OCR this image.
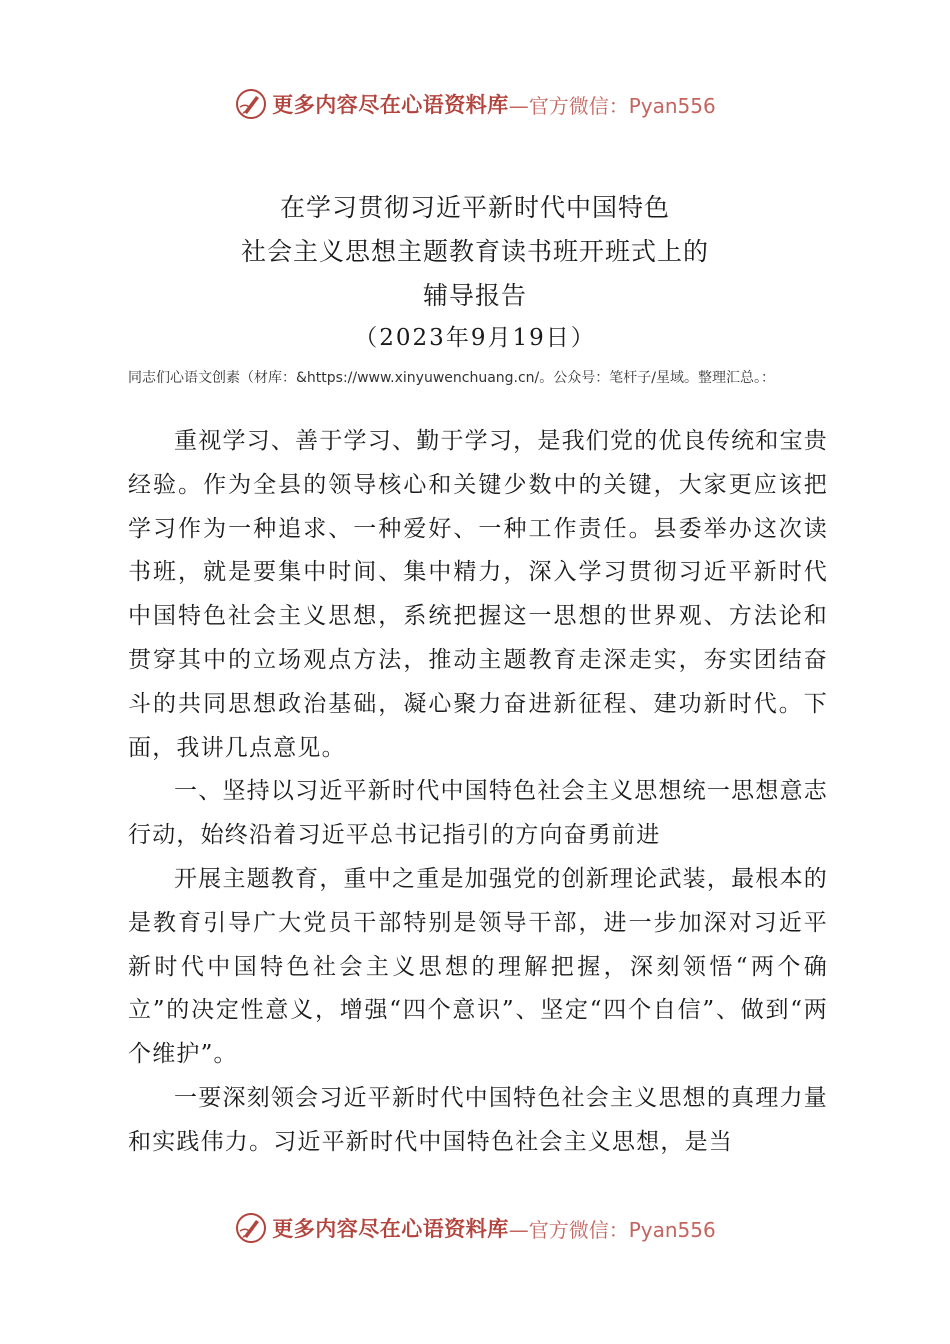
更多内容尽在心语资料库 —官方微信：Pyan556
在学习贯彻习近平新时代中国特色
社会主义思想主题教育读书班开班式上的
辅导报告
（2023年9月19日）
同志们心语文创素（材库：&https://www.xinyuwenchuang.cn/。公众号：笔杆子/星域。整理汇总。：

重视学习、善于学习、勤于学习，是我们党的优良传统和宝贵经验。作为全县的领导核心和关键少数中的关键，大家更应该把学习作为一种追求、一种爱好、一种工作责任。县委举办这次读书班，就是要集中时间、集中精力，深入学习贯彻习近平新时代中国特色社会主义思想，系统把握这一思想的世界观、方法论和贯穿其中的立场观点方法，推动主题教育走深走实，夯实团结奋斗的共同思想政治基础，凝心聚力奋进新征程、建功新时代。下面，我讲几点意见。

一、坚持以习近平新时代中国特色社会主义思想统一思想意志行动，始终沿着习近平总书记指引的方向奋勇前进

开展主题教育，重中之重是加强党的创新理论武装，最根本的是教育引导广大党员干部特别是领导干部，进一步加深对习近平新时代中国特色社会主义思想的理解把握，深刻领悟“两个确立”的决定性意义，增强“四个意识”、坚定“四个自信”、做到“两个维护”。

一要深刻领会习近平新时代中国特色社会主义思想的真理力量和实践伟力。习近平新时代中国特色社会主义思想，是当

更多内容尽在心语资料库 —官方微信：Pyan556
